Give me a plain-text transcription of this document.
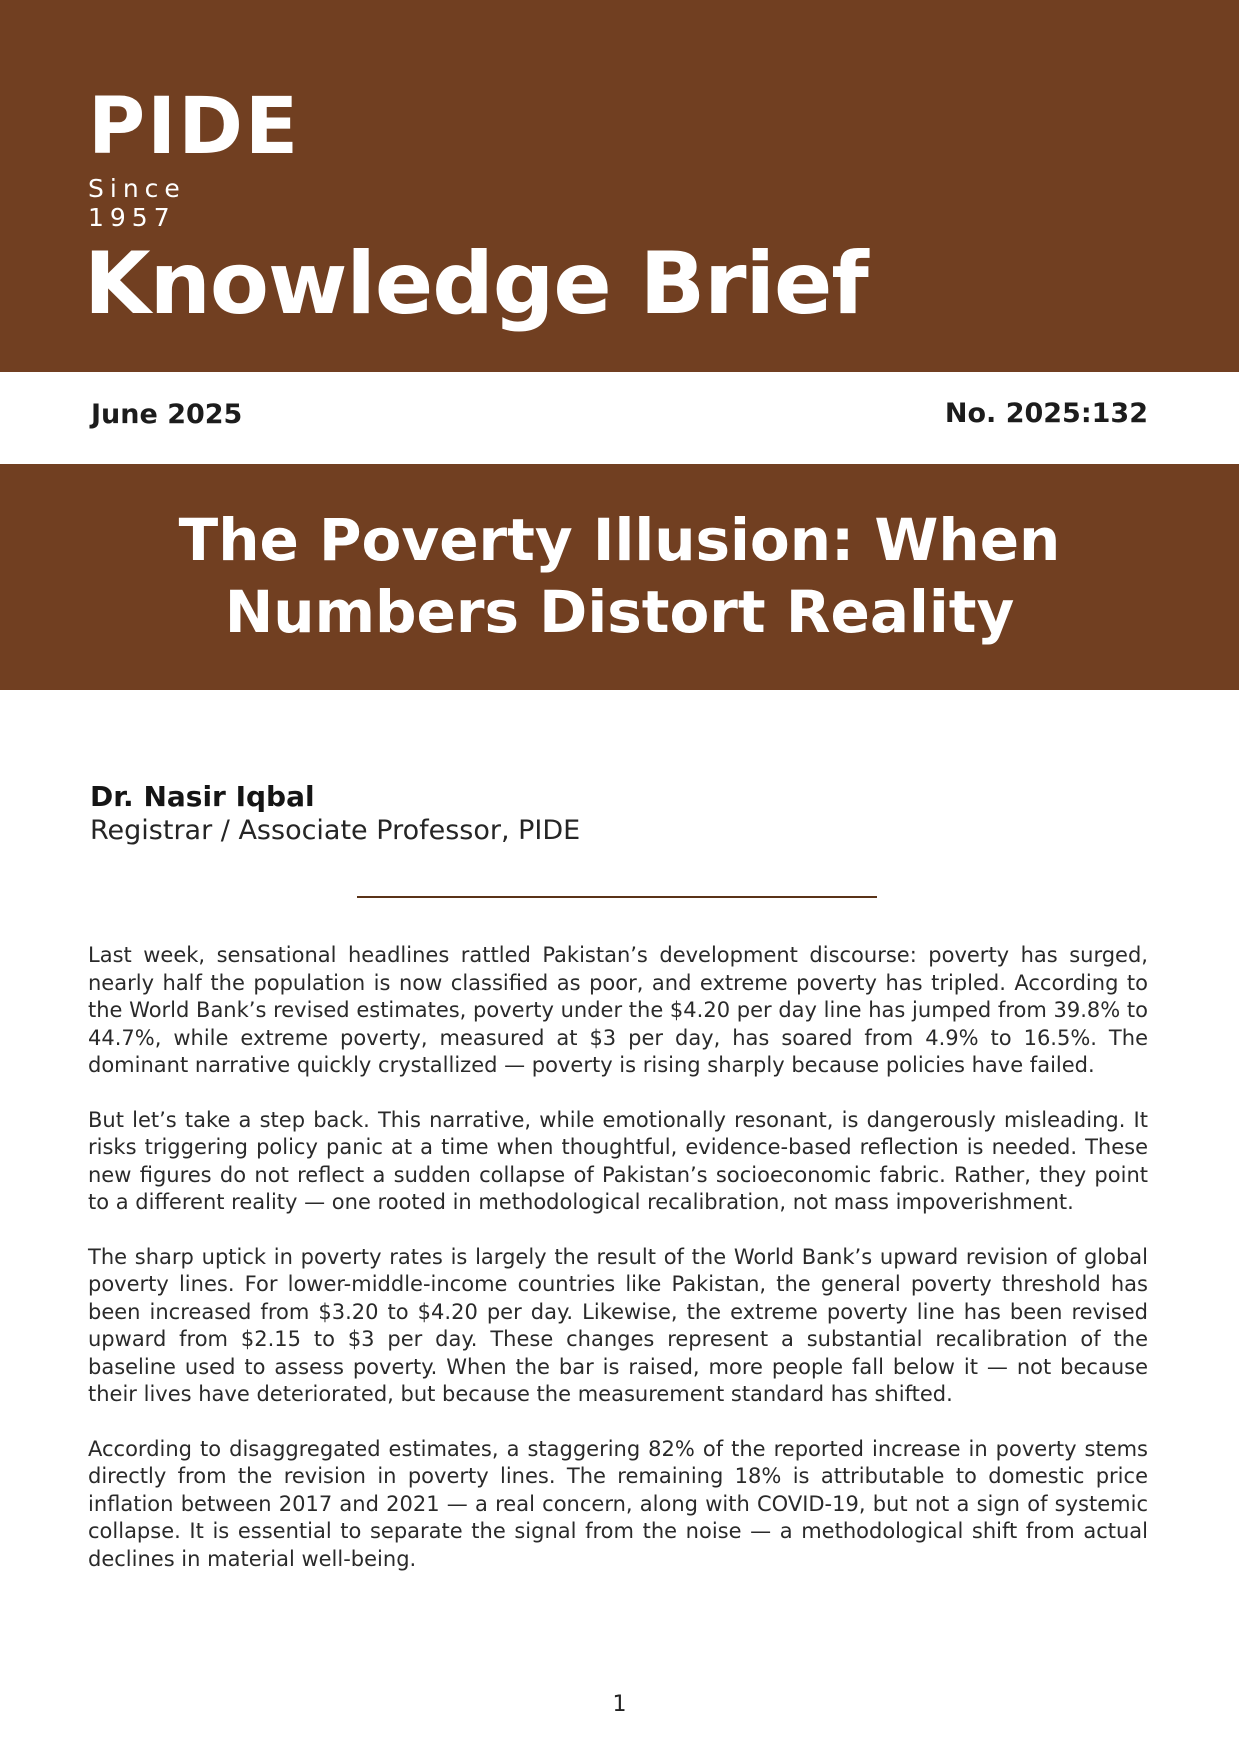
PIDE
Since 1957
Knowledge Brief
June 2025	No. 2025:132
The Poverty Illusion: When
Numbers Distort Reality
Dr. Nasir Iqbal
Registrar / Associate Professor, PIDE

Last week, sensational headlines rattled Pakistan’s development discourse: poverty has surged, nearly half the population is now classified as poor, and extreme poverty has tripled. According to the World Bank’s revised estimates, poverty under the $4.20 per day line has jumped from 39.8% to 44.7%, while extreme poverty, measured at $3 per day, has soared from 4.9% to 16.5%. The dominant narrative quickly crystallized — poverty is rising sharply because policies have failed.

But let’s take a step back. This narrative, while emotionally resonant, is dangerously misleading. It risks triggering policy panic at a time when thoughtful, evidence-based reflection is needed. These new figures do not reflect a sudden collapse of Pakistan’s socioeconomic fabric. Rather, they point to a different reality — one rooted in methodological recalibration, not mass impoverishment.

The sharp uptick in poverty rates is largely the result of the World Bank’s upward revision of global poverty lines. For lower-middle-income countries like Pakistan, the general poverty threshold has been increased from $3.20 to $4.20 per day. Likewise, the extreme poverty line has been revised upward from $2.15 to $3 per day. These changes represent a substantial recalibration of the baseline used to assess poverty. When the bar is raised, more people fall below it — not because their lives have deteriorated, but because the measurement standard has shifted.

According to disaggregated estimates, a staggering 82% of the reported increase in poverty stems directly from the revision in poverty lines. The remaining 18% is attributable to domestic price inflation between 2017 and 2021 — a real concern, along with COVID-19, but not a sign of systemic collapse. It is essential to separate the signal from the noise — a methodological shift from actual declines in material well-being.

1
